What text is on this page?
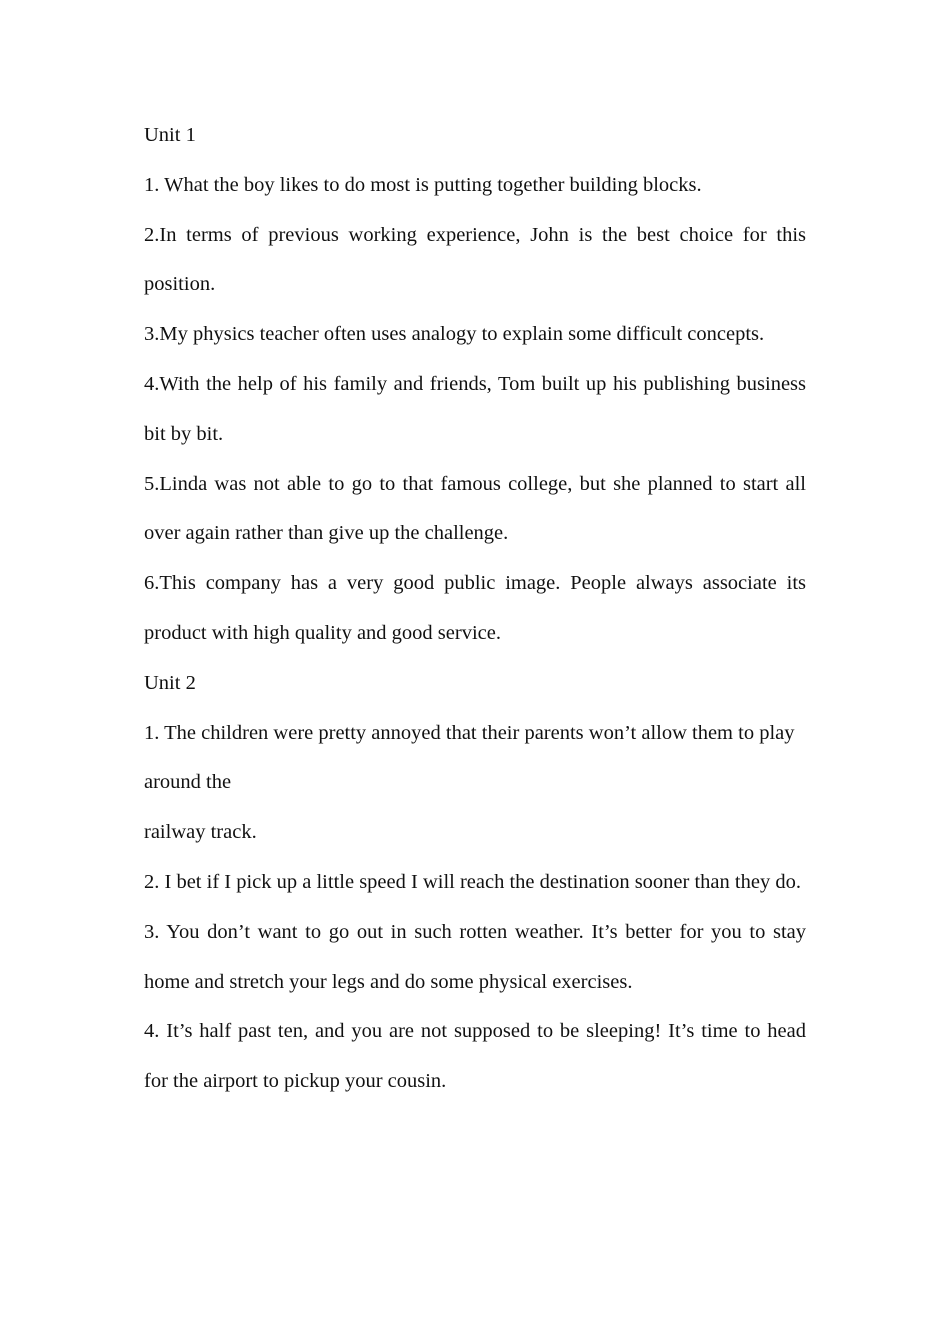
Unit 1

1. What the boy likes to do most is putting together building blocks.

2.In terms of previous working experience, John is the best choice for this position.

3.My physics teacher often uses analogy to explain some difficult concepts.

4.With the help of his family and friends, Tom built up his publishing business bit by bit.

5.Linda was not able to go to that famous college, but she planned to start all over again rather than give up the challenge.

6.This company has a very good public image. People always associate its product with high quality and good service.

Unit 2

1. The children were pretty annoyed that their parents won’t allow them to play around the

railway track.

2. I bet if I pick up a little speed I will reach the destination sooner than they do.

3. You don’t want to go out in such rotten weather. It’s better for you to stay home and stretch your legs and do some physical exercises.

4. It’s half past ten, and you are not supposed to be sleeping! It’s time to head for the airport to pickup your cousin.
